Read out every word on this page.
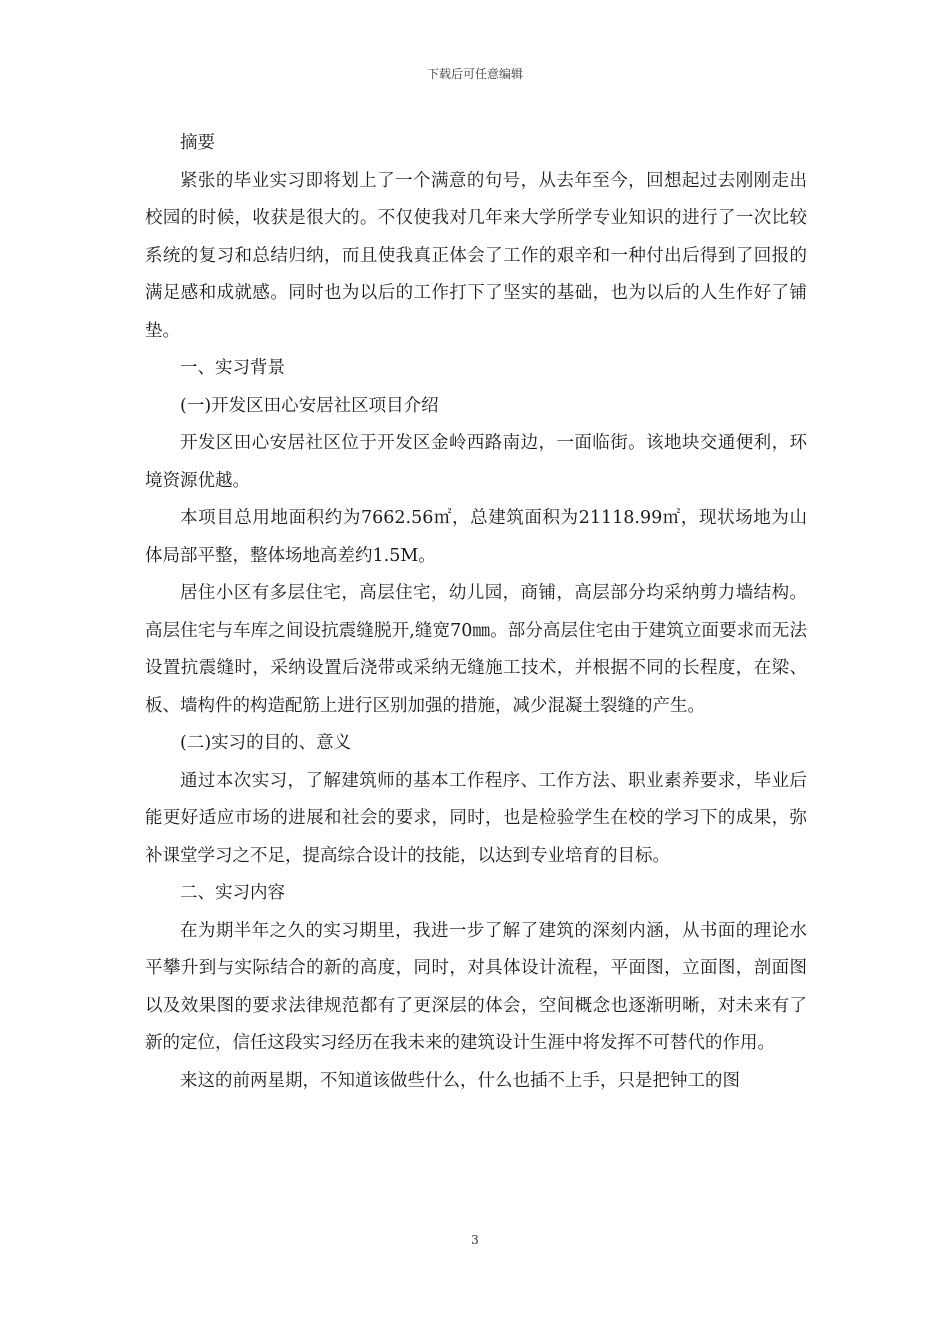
下载后可任意编辑

摘要

紧张的毕业实习即将划上了一个满意的句号，从去年至今，回想起过去刚刚走出校园的时候，收获是很大的。不仅使我对几年来大学所学专业知识的进行了一次比较系统的复习和总结归纳，而且使我真正体会了工作的艰辛和一种付出后得到了回报的满足感和成就感。同时也为以后的工作打下了坚实的基础，也为以后的人生作好了铺垫。

一、实习背景

(一)开发区田心安居社区项目介绍

开发区田心安居社区位于开发区金岭西路南边，一面临街。该地块交通便利，环境资源优越。

本项目总用地面积约为7662.56㎡，总建筑面积为21118.99㎡，现状场地为山体局部平整，整体场地高差约1.5M。

居住小区有多层住宅，高层住宅，幼儿园，商铺，高层部分均采纳剪力墙结构。高层住宅与车库之间设抗震缝脱开,缝宽70㎜。部分高层住宅由于建筑立面要求而无法设置抗震缝时，采纳设置后浇带或采纳无缝施工技术，并根据不同的长程度，在梁、板、墙构件的构造配筋上进行区别加强的措施，减少混凝土裂缝的产生。

(二)实习的目的、意义

通过本次实习，了解建筑师的基本工作程序、工作方法、职业素养要求，毕业后能更好适应市场的进展和社会的要求，同时，也是检验学生在校的学习下的成果，弥补课堂学习之不足，提高综合设计的技能，以达到专业培育的目标。

二、实习内容

在为期半年之久的实习期里，我进一步了解了建筑的深刻内涵，从书面的理论水平攀升到与实际结合的新的高度，同时，对具体设计流程，平面图，立面图，剖面图以及效果图的要求法律规范都有了更深层的体会，空间概念也逐渐明晰，对未来有了新的定位，信任这段实习经历在我未来的建筑设计生涯中将发挥不可替代的作用。

来这的前两星期，不知道该做些什么，什么也插不上手，只是把钟工的图

3
